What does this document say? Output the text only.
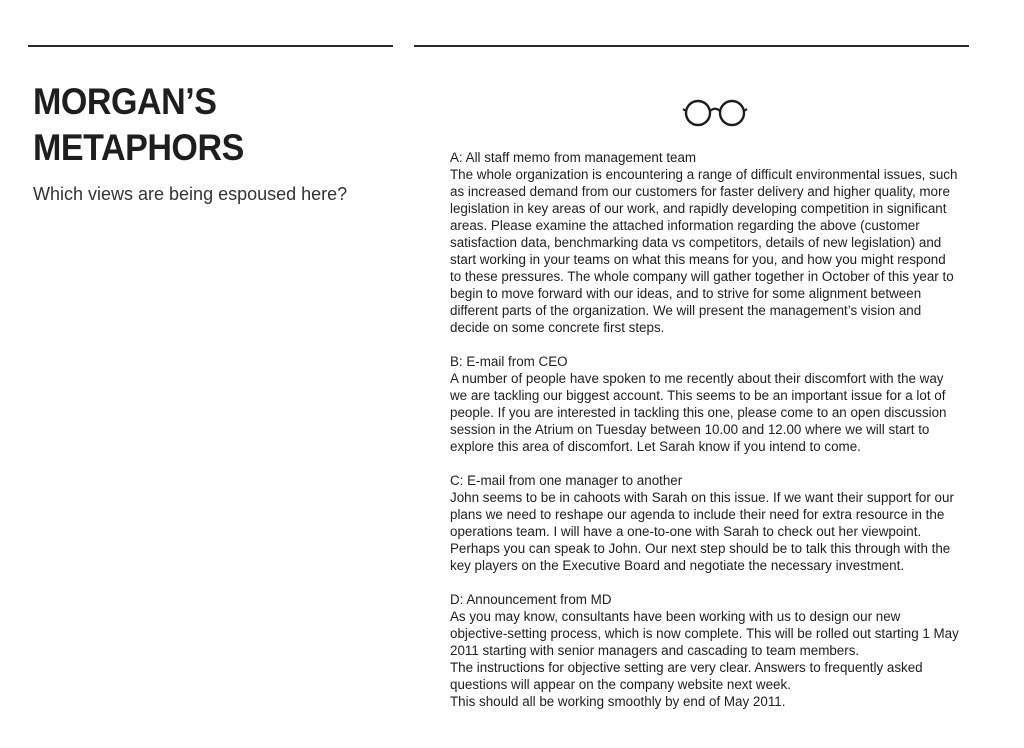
MORGAN’S
METAPHORS

Which views are being espoused here?

A: All staff memo from management team

The whole organization is encountering a range of difficult environmental issues, such as increased demand from our customers for faster delivery and higher quality, more legislation in key areas of our work, and rapidly developing competition in significant areas. Please examine the attached information regarding the above (customer satisfaction data, benchmarking data vs competitors, details of new legislation) and start working in your teams on what this means for you, and how you might respond to these pressures. The whole company will gather together in October of this year to begin to move forward with our ideas, and to strive for some alignment between different parts of the organization. We will present the management’s vision and decide on some concrete first steps.

B: E-mail from CEO

A number of people have spoken to me recently about their discomfort with the way we are tackling our biggest account. This seems to be an important issue for a lot of people. If you are interested in tackling this one, please come to an open discussion session in the Atrium on Tuesday between 10.00 and 12.00 where we will start to explore this area of discomfort. Let Sarah know if you intend to come.

C: E-mail from one manager to another

John seems to be in cahoots with Sarah on this issue. If we want their support for our plans we need to reshape our agenda to include their need for extra resource in the operations team. I will have a one-to-one with Sarah to check out her viewpoint. Perhaps you can speak to John. Our next step should be to talk this through with the key players on the Executive Board and negotiate the necessary investment.

D: Announcement from MD

As you may know, consultants have been working with us to design our new objective-setting process, which is now complete. This will be rolled out starting 1 May 2011 starting with senior managers and cascading to team members.
The instructions for objective setting are very clear. Answers to frequently asked questions will appear on the company website next week.
This should all be working smoothly by end of May 2011.
